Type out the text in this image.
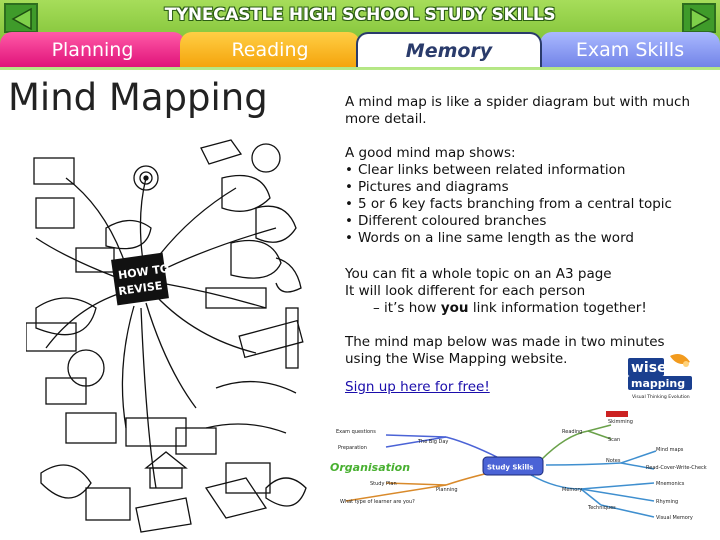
TYNECASTLE HIGH SCHOOL STUDY SKILLS
Planning	Reading	Exam Skills
Memory
Mind Mapping
HOW TO
REVISE
A mind map is like a spider diagram but with much more detail.
A good mind map shows:
• Clear links between related information
• Pictures and diagrams
• 5 or 6 key facts branching from a central topic
• Different coloured branches
• Words on a line same length as the word
You can fit a whole topic on an A3 page
It will look different for each person
– it’s how you link information together!
The mind map below was made in two minutes using the Wise Mapping website.
Sign up here for free!
wise
mapping
Visual Thinking Evolution
Study Skills
Organisation
Exam questions
Preparation
The Big Day
Study Plan
What type of learner are you?
Planning
Reading
Skimming
Scan
Mind maps
Notes
Read-Cover-Write-Check
Memory
Mnemonics
Rhyming
Techniques
Visual Memory
